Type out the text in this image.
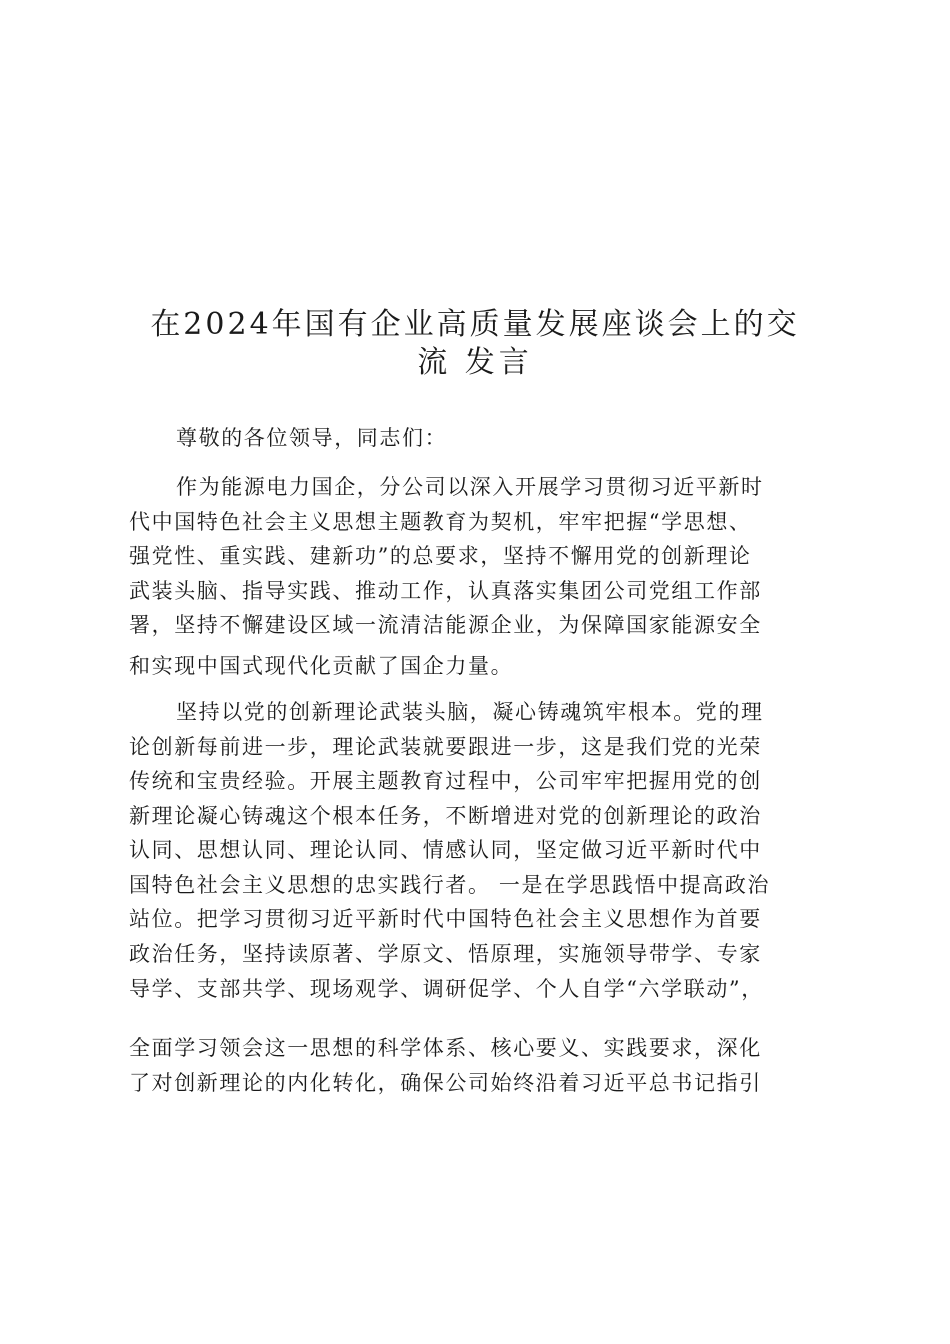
在2024年国有企业高质量发展座谈会上的交
流 发言
尊敬的各位领导，同志们：
作为能源电力国企，分公司以深入开展学习贯彻习近平新时
代中国特色社会主义思想主题教育为契机，牢牢把握“学思想、
强党性、重实践、建新功”的总要求，坚持不懈用党的创新理论
武装头脑、指导实践、推动工作，认真落实集团公司党组工作部
署，坚持不懈建设区域一流清洁能源企业，为保障国家能源安全
和实现中国式现代化贡献了国企力量。
坚持以党的创新理论武装头脑，凝心铸魂筑牢根本。党的理
论创新每前进一步，理论武装就要跟进一步，这是我们党的光荣
传统和宝贵经验。开展主题教育过程中，公司牢牢把握用党的创
新理论凝心铸魂这个根本任务，不断增进对党的创新理论的政治
认同、思想认同、理论认同、情感认同，坚定做习近平新时代中
国特色社会主义思想的忠实践行者。 一是在学思践悟中提高政治
站位。把学习贯彻习近平新时代中国特色社会主义思想作为首要
政治任务，坚持读原著、学原文、悟原理，实施领导带学、专家
导学、支部共学、现场观学、调研促学、个人自学“六学联动”，
全面学习领会这一思想的科学体系、核心要义、实践要求，深化
了对创新理论的内化转化，确保公司始终沿着习近平总书记指引
